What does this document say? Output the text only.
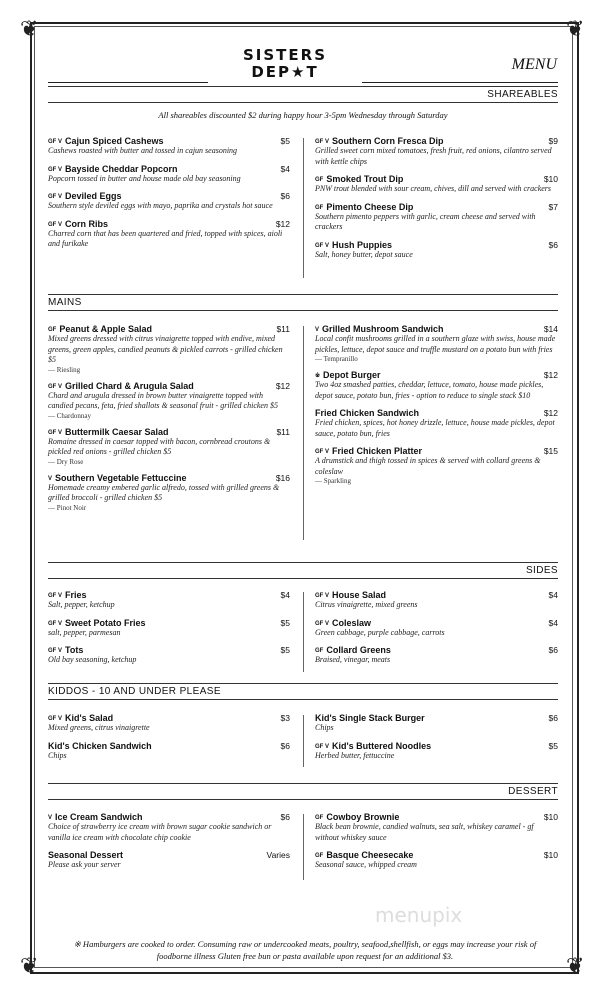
❦	❦
❦	❦
SISTERS
DEP★T	MENU
SHAREABLES
All shareables discounted $2 during happy hour 3-5pm Wednesday through Saturday
GF V Cajun Spiced Cashews	$5
Cashews roasted with butter and tossed in cajun seasoning
GF V Bayside Cheddar Popcorn	$4
Popcorn tossed in butter and house made old bay seasoning
GF V Deviled Eggs	$6
Southern style deviled eggs with mayo, paprika and crystals hot sauce
GF V Corn Ribs	$12
Charred corn that has been quartered and fried, topped with spices, aioli and furikake
GF V Southern Corn Fresca Dip	$9
Grilled sweet corn mixed tomatoes, fresh fruit, red onions, cilantro served with kettle chips
GF Smoked Trout Dip	$10
PNW trout blended with sour cream, chives, dill and served with crackers
GF Pimento Cheese Dip	$7
Southern pimento peppers with garlic, cream cheese and served with crackers
GF V Hush Puppies	$6
Salt, honey butter, depot sauce
MAINS
GF Peanut & Apple Salad	$11
Mixed greens dressed with citrus vinaigrette topped with endive, mixed greens, green apples, candied peanuts & pickled carrots - grilled chicken $5
— Riesling
GF V Grilled Chard & Arugula Salad	$12
Chard and arugula dressed in brown butter vinaigrette topped with candied pecans, feta, fried shallots & seasonal fruit - grilled chicken $5
— Chardonnay
GF V Buttermilk Caesar Salad	$11
Romaine dressed in caesar topped with bacon, cornbread croutons & pickled red onions - grilled chicken $5
— Dry Rose
V Southern Vegetable Fettuccine	$16
Homemade creamy embered garlic alfredo, tossed with grilled greens & grilled broccoli - grilled chicken $5
— Pinot Noir
V Grilled Mushroom Sandwich	$14
Local confit mushrooms grilled in a southern glaze with swiss, house made pickles, lettuce, depot sauce and truffle mustard on a potato bun with fries
— Tempranillo
※ Depot Burger	$12
Two 4oz smashed patties, cheddar, lettuce, tomato, house made pickles, depot sauce, potato bun, fries - option to reduce to single stack $10
Fried Chicken Sandwich	$12
Fried chicken, spices, hot honey drizzle, lettuce, house made pickles, depot sauce, potato bun, fries
GF V Fried Chicken Platter	$15
A drumstick and thigh tossed in spices & served with collard greens & coleslaw
— Sparkling
SIDES
GF V Fries	$4
Salt, pepper, ketchup
GF V Sweet Potato Fries	$5
salt, pepper, parmesan
GF V Tots	$5
Old bay seasoning, ketchup
GF V House Salad	$4
Citrus vinaigrette, mixed greens
GF V Coleslaw	$4
Green cabbage, purple cabbage, carrots
GF Collard Greens	$6
Braised, vinegar, meats
KIDDOS - 10 AND UNDER PLEASE
GF V Kid's Salad	$3
Mixed greens, citrus vinaigrette
Kid's Chicken Sandwich	$6
Chips
Kid's Single Stack Burger	$6
Chips
GF V Kid's Buttered Noodles	$5
Herbed butter, fettuccine
DESSERT
V Ice Cream Sandwich	$6
Choice of strawberry ice cream with brown sugar cookie sandwich or vanilla ice cream with chocolate chip cookie
Seasonal Dessert	Varies
Please ask your server
GF Cowboy Brownie	$10
Black bean brownie, candied walnuts, sea salt, whiskey caramel - gf without whiskey sauce
GF Basque Cheesecake	$10
Seasonal sauce, whipped cream
menupix
※ Hamburgers are cooked to order. Consuming raw or undercooked meats, poultry, seafood,shellfish, or eggs may increase your risk of foodborne illness Gluten free bun or pasta available upon request for an additional $3.
